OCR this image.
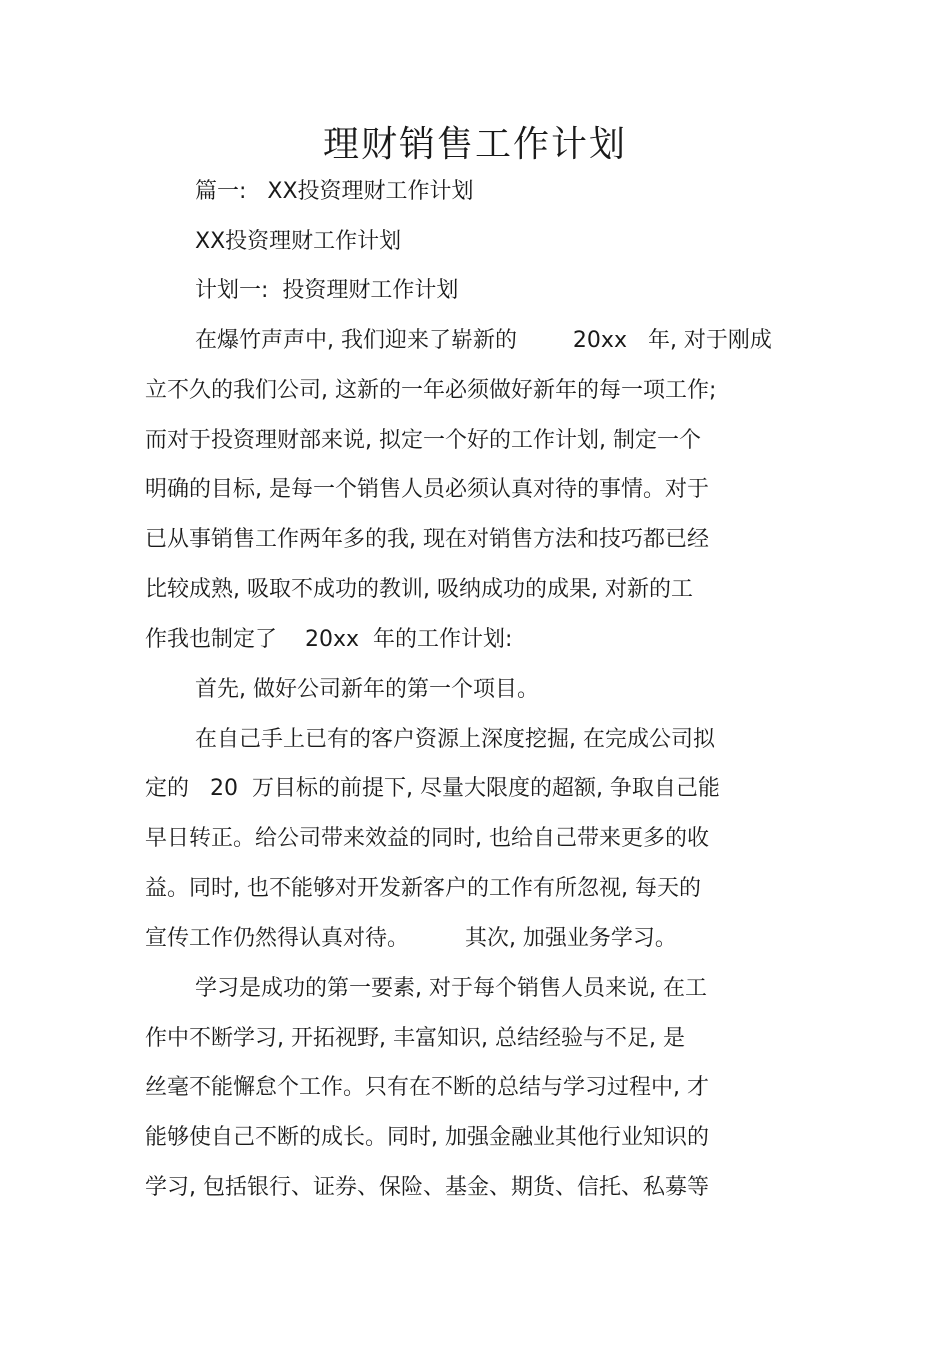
理财销售工作计划

篇一:   XX投资理财工作计划

XX投资理财工作计划

计划一:  投资理财工作计划

在爆竹声声中, 我们迎来了崭新的        20xx   年, 对于刚成

立不久的我们公司, 这新的一年必须做好新年的每一项工作;

而对于投资理财部来说, 拟定一个好的工作计划, 制定一个

明确的目标, 是每一个销售人员必须认真对待的事情。对于

已从事销售工作两年多的我, 现在对销售方法和技巧都已经

比较成熟, 吸取不成功的教训, 吸纳成功的成果, 对新的工

作我也制定了    20xx  年的工作计划:

首先, 做好公司新年的第一个项目。

在自己手上已有的客户资源上深度挖掘, 在完成公司拟

定的   20  万目标的前提下, 尽量大限度的超额, 争取自己能

早日转正。给公司带来效益的同时, 也给自己带来更多的收

益。同时, 也不能够对开发新客户的工作有所忽视, 每天的

宣传工作仍然得认真对待。        其次, 加强业务学习。

学习是成功的第一要素, 对于每个销售人员来说, 在工

作中不断学习, 开拓视野, 丰富知识, 总结经验与不足, 是

丝毫不能懈怠个工作。只有在不断的总结与学习过程中, 才

能够使自己不断的成长。同时, 加强金融业其他行业知识的

学习, 包括银行、证券、保险、基金、期货、信托、私募等
